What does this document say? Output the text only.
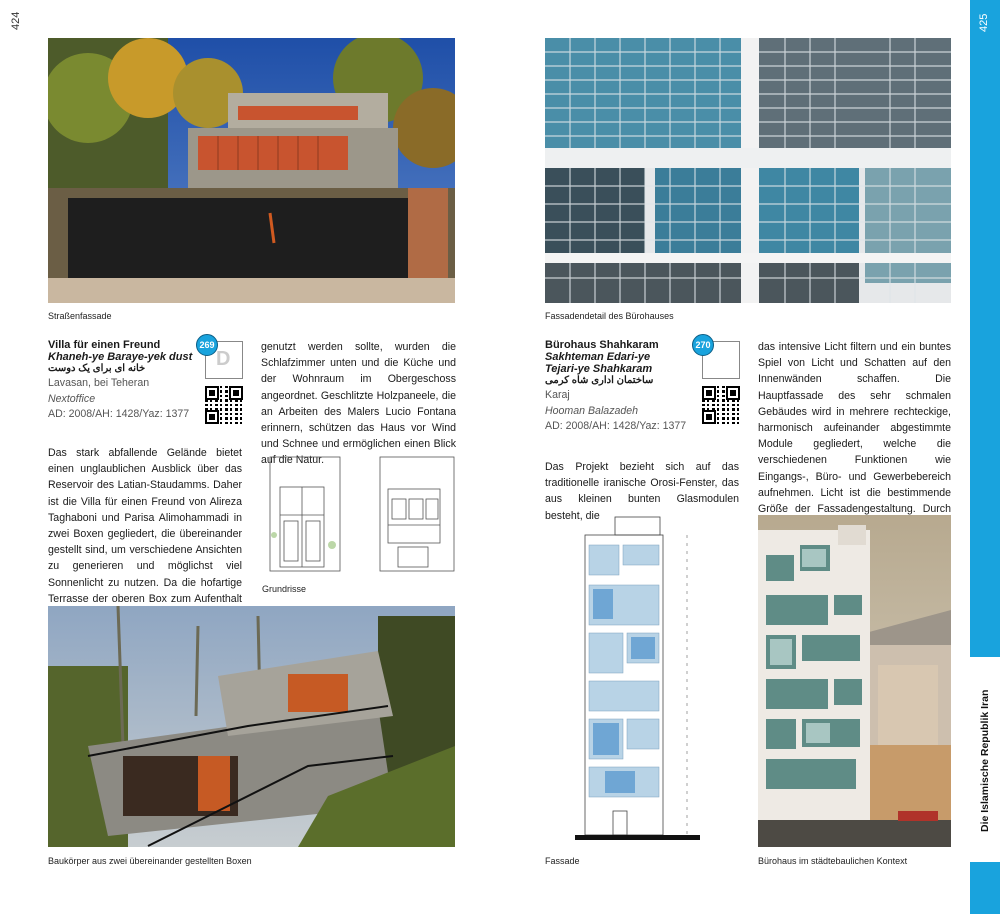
424
Straßenfassade
Villa für einen Freund
Khaneh-ye Baraye-yek dust
خانه ای برای یک دوست
Lavasan, bei Teheran
Nextoffice
AD: 2008/AH: 1428/Yaz: 1377
D
269
Das stark abfallende Gelände bietet einen unglaublichen Ausblick über das Reservoir des Latian-Staudamms. Daher ist die Villa für einen Freund von Alireza Taghaboni und Parisa Alimohammadi in zwei Boxen gegliedert, die übereinander gestellt sind, um verschiedene Ansichten zu generieren und möglichst viel Sonnenlicht zu nutzen. Da die hofartige Terrasse der oberen Box zum Aufenthalt
genutzt werden sollte, wurden die Schlafzimmer unten und die Küche und der Wohnraum im Obergeschoss angeordnet. Geschlitzte Holzpaneele, die an Arbeiten des Malers Lucio Fontana erinnern, schützen das Haus vor Wind und Schnee und ermöglichen einen Blick auf die Natur.
Grundrisse
Baukörper aus zwei übereinander gestellten Boxen
Fassadendetail des Bürohauses
Bürohaus Shahkaram
Sakhteman Edari-ye
Tejari-ye Shahkaram
ساختمان اداری شاه کرمی
Karaj
Hooman Balazadeh
AD: 2008/AH: 1428/Yaz: 1377
270
Das Projekt bezieht sich auf das traditionelle iranische Orosi-Fenster, das aus kleinen bunten Glasmodulen besteht, die
das intensive Licht filtern und ein buntes Spiel von Licht und Schatten auf den Innenwänden schaffen. Die Hauptfassade des sehr schmalen Gebäudes wird in mehrere rechteckige, harmonisch aufeinander abgestimmte Module gegliedert, welche die verschiedenen Funktionen wie Eingangs-, Büro- und Gewerbebereich aufnehmen. Licht ist die bestimmende Größe der Fassadengestaltung. Durch
Fassade	Bürohaus im städtebaulichen Kontext
425
Die Islamische Republik Iran
